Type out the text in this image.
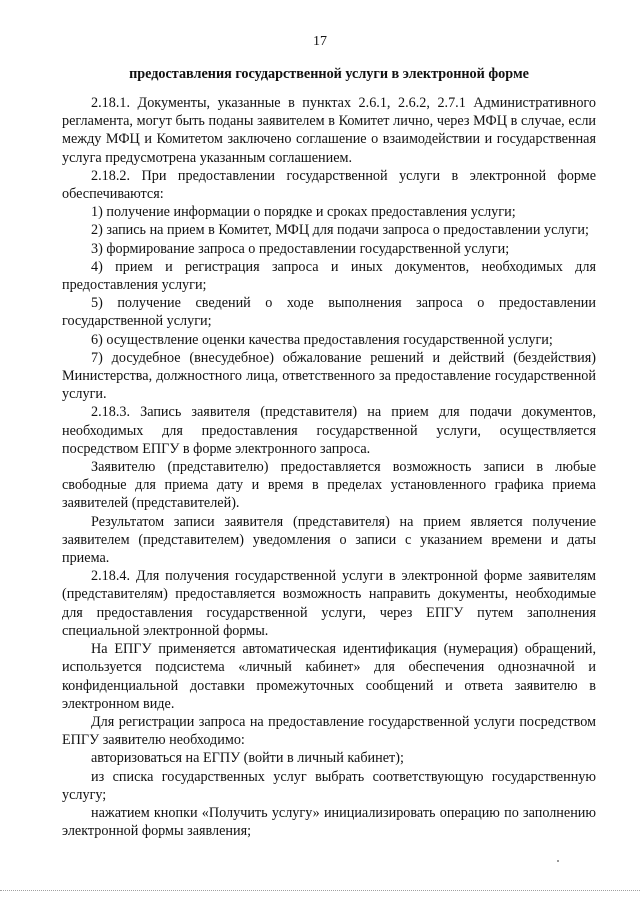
17
предоставления государственной услуги в электронной форме

2.18.1. Документы, указанные в пунктах 2.6.1, 2.6.2, 2.7.1 Административного регламента, могут быть поданы заявителем в Комитет лично, через МФЦ в случае, если между МФЦ и Комитетом заключено соглашение о взаимодействии и государственная услуга предусмотрена указанным соглашением.

2.18.2. При предоставлении государственной услуги в электронной форме обеспечиваются:

1) получение информации о порядке и сроках предоставления услуги;

2) запись на прием в Комитет, МФЦ для подачи запроса о предоставлении услуги;

3) формирование запроса о предоставлении государственной услуги;

4) прием и регистрация запроса и иных документов, необходимых для предоставления услуги;

5) получение сведений о ходе выполнения запроса о предоставлении государственной услуги;

6) осуществление оценки качества предоставления государственной услуги;

7) досудебное (внесудебное) обжалование решений и действий (бездействия) Министерства, должностного лица, ответственного за предоставление государственной услуги.

2.18.3. Запись заявителя (представителя) на прием для подачи документов, необходимых для предоставления государственной услуги, осуществляется посредством ЕПГУ в форме электронного запроса.

Заявителю (представителю) предоставляется возможность записи в любые свободные для приема дату и время в пределах установленного графика приема заявителей (представителей).

Результатом записи заявителя (представителя) на прием является получение заявителем (представителем) уведомления о записи с указанием времени и даты приема.

2.18.4. Для получения государственной услуги в электронной форме заявителям (представителям) предоставляется возможность направить документы, необходимые для предоставления государственной услуги, через ЕПГУ путем заполнения специальной электронной формы.

На ЕПГУ применяется автоматическая идентификация (нумерация) обращений, используется подсистема «личный кабинет» для обеспечения однозначной и конфиденциальной доставки промежуточных сообщений и ответа заявителю в электронном виде.

Для регистрации запроса на предоставление государственной услуги посредством ЕПГУ заявителю необходимо:

авторизоваться на ЕГПУ (войти в личный кабинет);

из списка государственных услуг выбрать соответствующую государственную услугу;

нажатием кнопки «Получить услугу» инициализировать операцию по заполнению электронной формы заявления;
